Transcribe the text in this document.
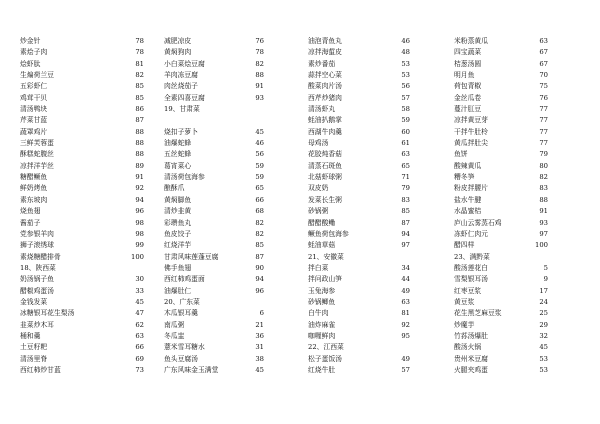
炒金针	78
素烩子肉	78
烩虾肽	81
生煸荷兰豆	82
五彩虾仁	85
鸡茸干贝	85
清汤鸭块	86
芹菜甘蓝	87
蔬罩鸡片	88
三鲜芙蓉蛋	88
酥糕蛇腹丝	88
凉拌洋芋丝	89
糖醋鳜鱼	91
鲜奶烤鱼	92
素东坡肉	94
烧鱼翅	96
酱茄子	98
党参银羊肉	98
狮子滚绣球	99
素烧糖醋排骨	100
18、陕西菜
奶汤锅子鱼	30
醋椒鸡蛋汤	33
金钱发菜	45
冰糖银耳花生梨汤	47
韭菜炒木耳	62
桶和羹	63
土豆籽粑	66
清汤里脊	69
西红柿炒甘蓝	73
减肥凉皮	76
黄焖狗肉	78
小白菜烩豆腐	82
羊肉冻豆腐	88
肉丝烧茄子	91
全素四喜豆腐	93
19、甘肃菜
烧扣子萝卜	45
油爆蛇蜂	46
五丝蛇蜂	56
葛宵菜心	59
清汤荷包海参	59
酿酥爪	65
黄焖脚鱼	66
清炒韭黄	68
彩瓒鱼丸	82
鱼皮饺子	82
红烧洋芋	85
甘肃风味莲蓬豆腐	87
佛手鱼翅	90
西红柿鸡蛋面	94
油爆肚仁	96
20、广东菜
木瓜银耳羹	6
南瓜粥	21
冬瓜盅	36
薏米雪耳糖水	31
鱼头豆腐汤	38
广东风味金玉满堂	45
油泡青鱼丸	46
凉拌海蜇皮	48
素炒番茄	53
蒜拌空心菜	53
酸菜肉片汤	56
西芹炒猪肉	57
清汤虾丸	58
蚝油扒鹅掌	59
西湖牛肉羹	60
母鸡汤	61
花胶炖香菇	63
清蒸石斑鱼	65
北菇虾球粥	71
双皮奶	79
发菜长生粥	83
砂锅粥	85
醋醋酸鳓	87
鳜鱼荷包海参	94
蚝油草菇	97
21、安徽菜
拌白菜	34
拌问政山笋	44
玉兔海参	49
砂锅鲫鱼	63
白牛肉	81
油炸麻雀	92
咖喱鲜肉	95
22、江西菜
松子蛋饭汤	49
红烧牛肚	57
米粉蒸黄瓜	63
四宝蔬菜	67
桔葱汤圆	67
明月鱼	70
荷包青椒	75
金丝瓜卷	76
蔓汁肛豆	77
凉拌黄豆芽	77
干拌牛肚柃	77
黄瓜拌肚尖	77
鱼饼	79
酸辣黄瓜	80
糟冬笋	82
粉皮拌腰片	83
盐水牛腱	88
水晶蜜桔	91
庐山云雾蒸石鸡	93
冻虾仁肉元	97
醋四样	100
23、满黔菜
酸汤莲花白	5
雪梨银耳汤	9
红枣豆浆	17
黄豆浆	24
花生黑芝麻豆浆	25
炒魔芋	29
竹荪汤爆肚	32
酸汤火锅	45
贵州米豆腐	53
火腿夹鸡蛋	53
